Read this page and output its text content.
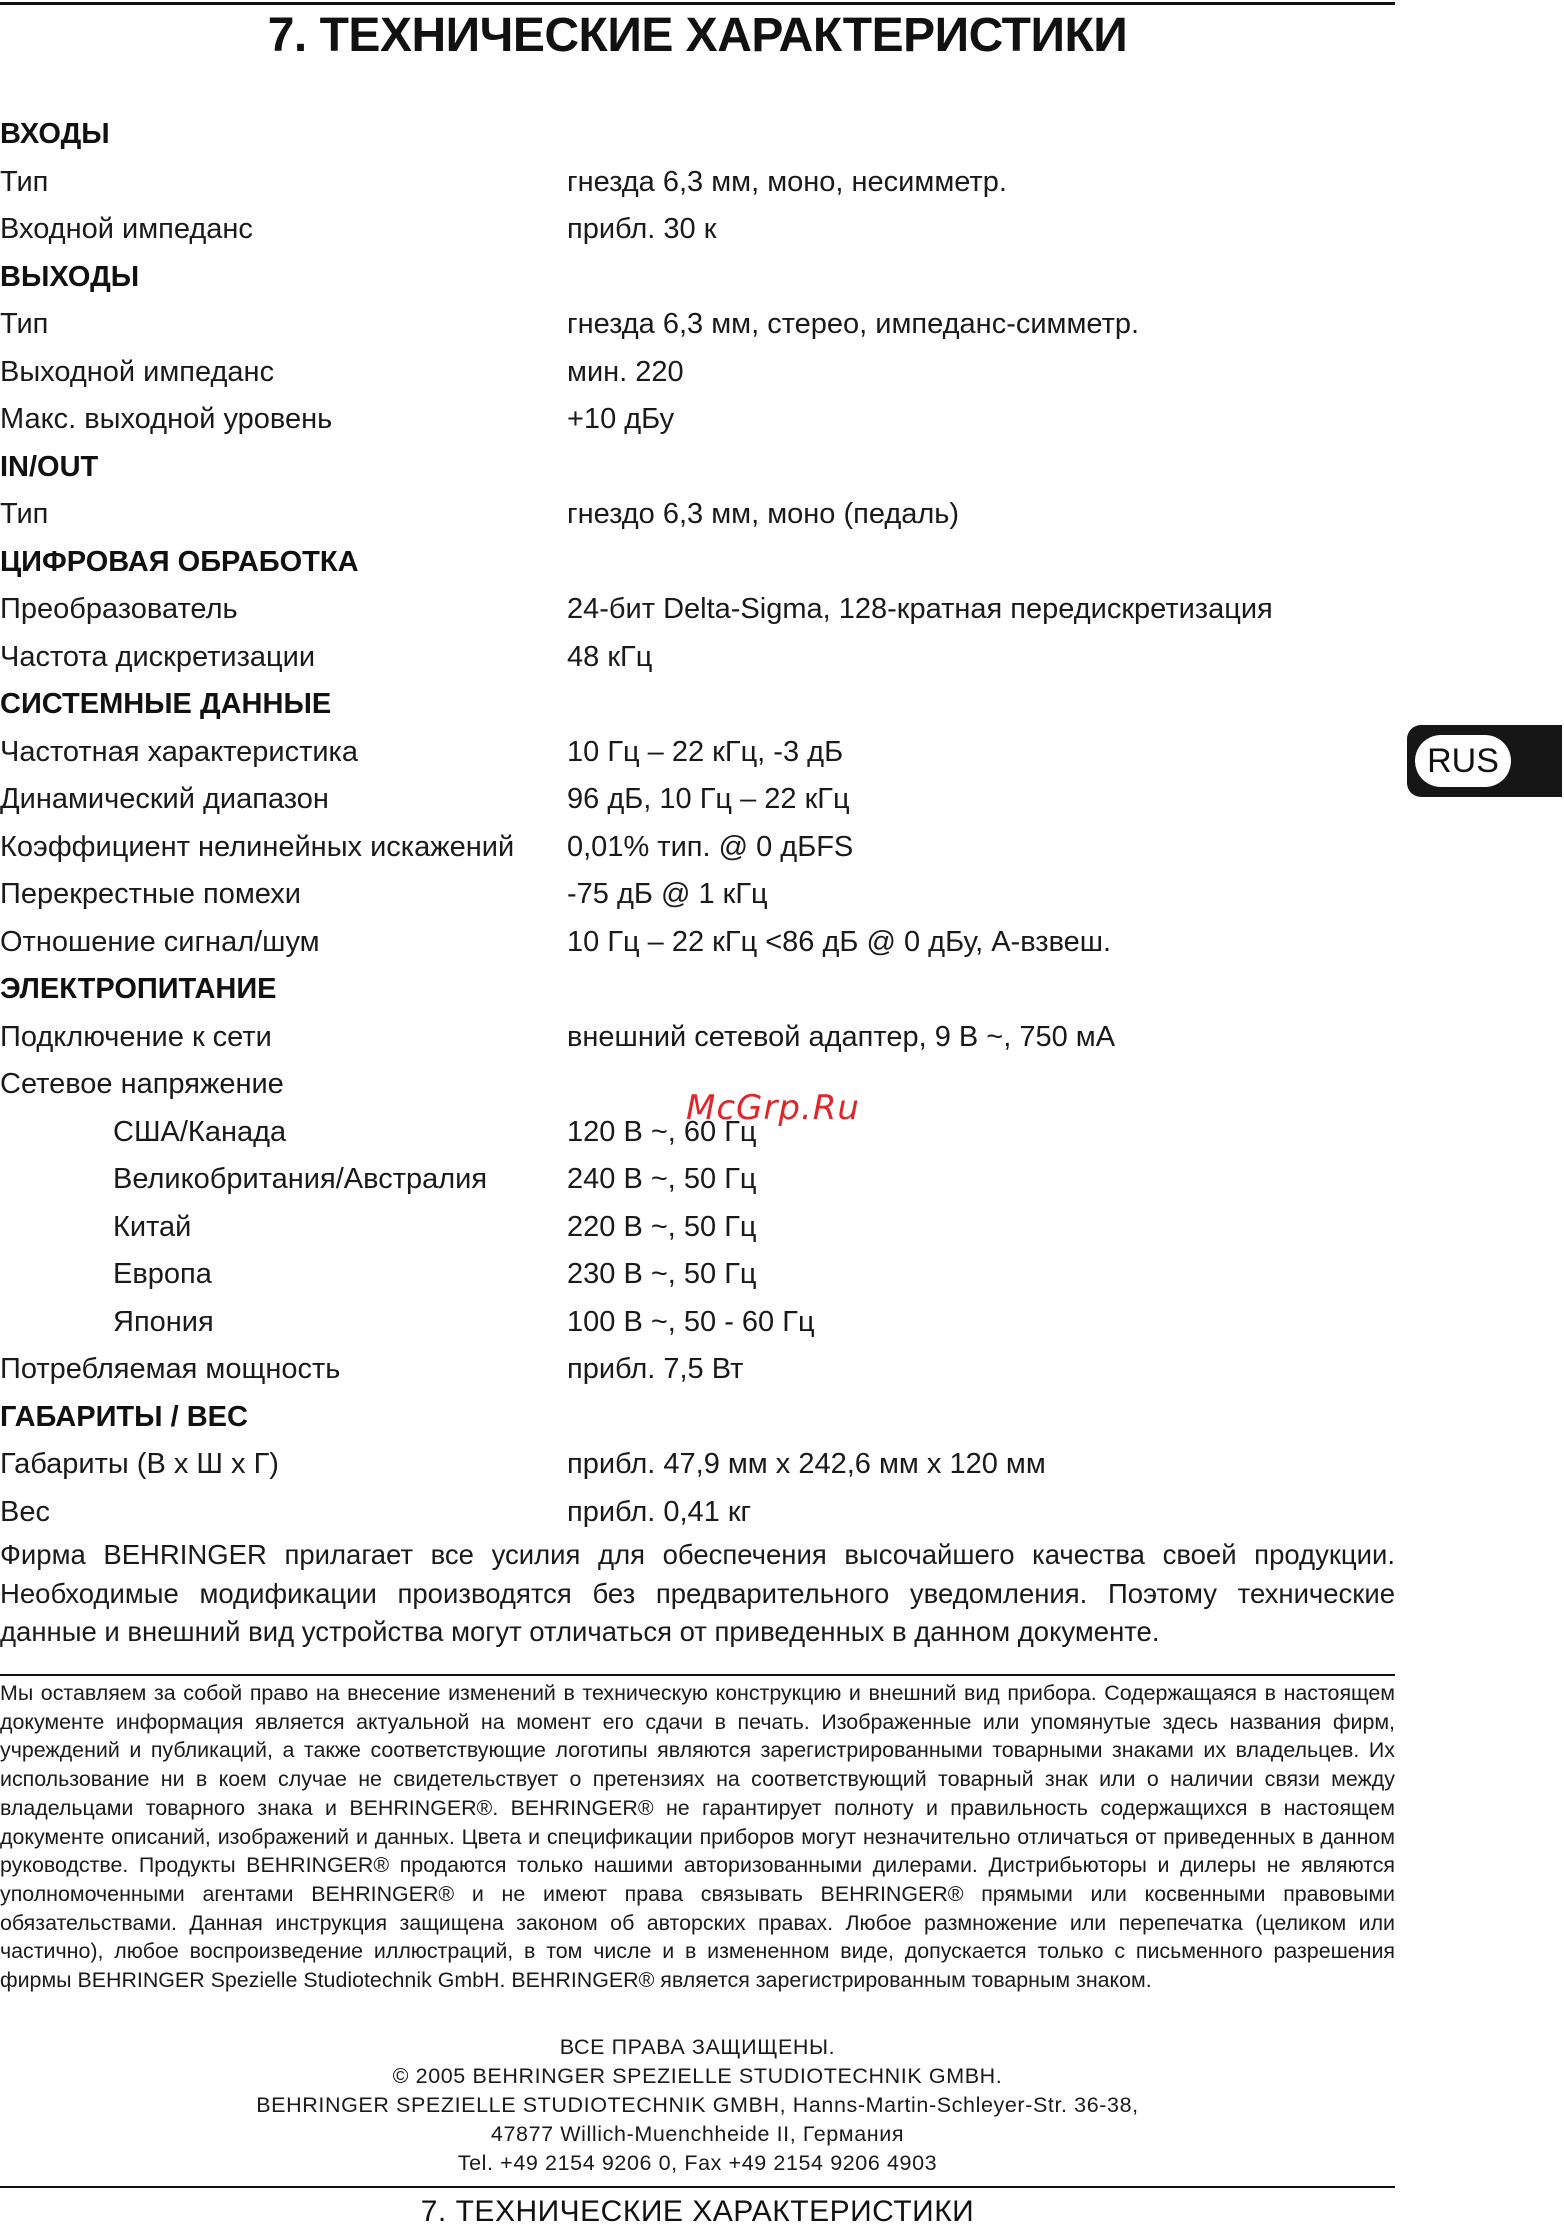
7. ТЕХНИЧЕСКИЕ ХАРАКТЕРИСТИКИ
ВХОДЫ
Тип	гнезда 6,3 мм, моно, несимметр.
Входной импеданс	прибл. 30 к
ВЫХОДЫ
Тип	гнезда 6,3 мм, стерео, импеданс-симметр.
Выходной импеданс	мин. 220
Макс. выходной уровень	+10 дБу
IN/OUT
Тип	гнездо 6,3 мм, моно (педаль)
ЦИФРОВАЯ ОБРАБОТКА
Преобразователь	24-бит Delta-Sigma, 128-кратная передискретизация
Частота дискретизации	48 кГц
СИСТЕМНЫЕ ДАННЫЕ
Частотная характеристика	10 Гц – 22 кГц, -3 дБ
Динамический диапазон	96 дБ, 10 Гц – 22 кГц
Коэффициент нелинейных искажений 0,01% тип. @ 0 дБFS
Перекрестные помехи	-75 дБ @ 1 кГц
Отношение сигнал/шум	10 Гц – 22 кГц <86 дБ @ 0 дБу, A-взвеш.
ЭЛЕКТРОПИТАНИЕ
Подключение к сети	внешний сетевой адаптер, 9 В ~, 750 мА
Сетевое напряжение
США/Канада	120 В ~, 60 Гц
Великобритания/Австралия	240 В ~, 50 Гц
Китай	220 В ~, 50 Гц
Европа	230 В ~, 50 Гц
Япония	100 В ~, 50 - 60 Гц
Потребляемая мощность	прибл. 7,5 Вт
ГАБАРИТЫ / ВЕС
Габариты (В x Ш x Г)	прибл. 47,9 мм x 242,6 мм x 120 мм
Вес	прибл. 0,41 кг
RUS
McGrp.Ru

Фирма BEHRINGER прилагает все усилия для обеспечения высочайшего качества своей продукции. Необходимые модификации производятся без предварительного уведомления. Поэтому технические данные и внешний вид устройства могут отличаться от приведенных в данном документе.

Мы оставляем за собой право на внесение изменений в техническую конструкцию и внешний вид прибора. Содержащаяся в настоящем документе информация является актуальной на момент его сдачи в печать. Изображенные или упомянутые здесь названия фирм, учреждений и публикаций, а также соответствующие логотипы являются зарегистрированными товарными знаками их владельцев. Их использование ни в коем случае не свидетельствует о претензиях на соответствующий товарный знак или о наличии связи между владельцами товарного знака и BEHRINGER®. BEHRINGER® не гарантирует полноту и правильность содержащихся в настоящем документе описаний, изображений и данных. Цвета и спецификации приборов могут незначительно отличаться от приведенных в данном руководстве. Продукты BEHRINGER® продаются только нашими авторизованными дилерами. Дистрибьюторы и дилеры не являются уполномоченными агентами BEHRINGER® и не имеют права связывать BEHRINGER® прямыми или косвенными правовыми обязательствами. Данная инструкция защищена законом об авторских правах. Любое размножение или перепечатка (целиком или частично), любое воспроизведение иллюстраций, в том числе и в измененном виде, допускается только с письменного разрешения фирмы BEHRINGER Spezielle Studiotechnik GmbH. BEHRINGER® является зарегистрированным товарным знаком.

ВСЕ ПРАВА ЗАЩИЩЕНЫ.
© 2005 BEHRINGER SPEZIELLE STUDIOTECHNIK GMBH.
BEHRINGER SPEZIELLE STUDIOTECHNIK GMBH, Hanns-Martin-Schleyer-Str. 36-38,
47877 Willich-Muenchheide II, Германия
Tel. +49 2154 9206 0, Fax +49 2154 9206 4903
7. ТЕХНИЧЕСКИЕ ХАРАКТЕРИСТИКИ
